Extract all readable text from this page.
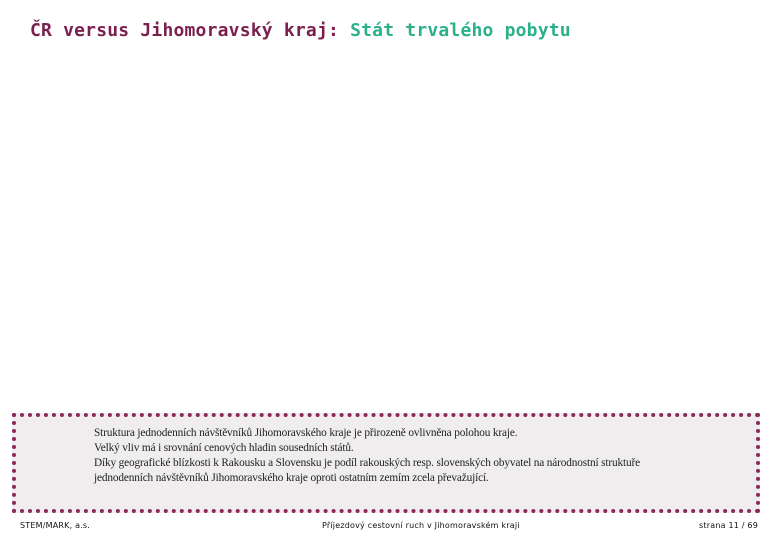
ČR versus Jihomoravský kraj: Stát trvalého pobytu
Struktura jednodenních návštěvníků Jihomoravského kraje je přirozeně ovlivněna polohou kraje.
Velký vliv má i srovnání cenových hladin sousedních států.
Díky geografické blízkosti k Rakousku a Slovensku je podíl rakouských resp. slovenských obyvatel na národnostní struktuře
jednodenních návštěvníků Jihomoravského kraje oproti ostatním zemím zcela převažující.
STEM/MARK, a.s.	Příjezdový cestovní ruch v Jihomoravském kraji	strana 11 / 69
